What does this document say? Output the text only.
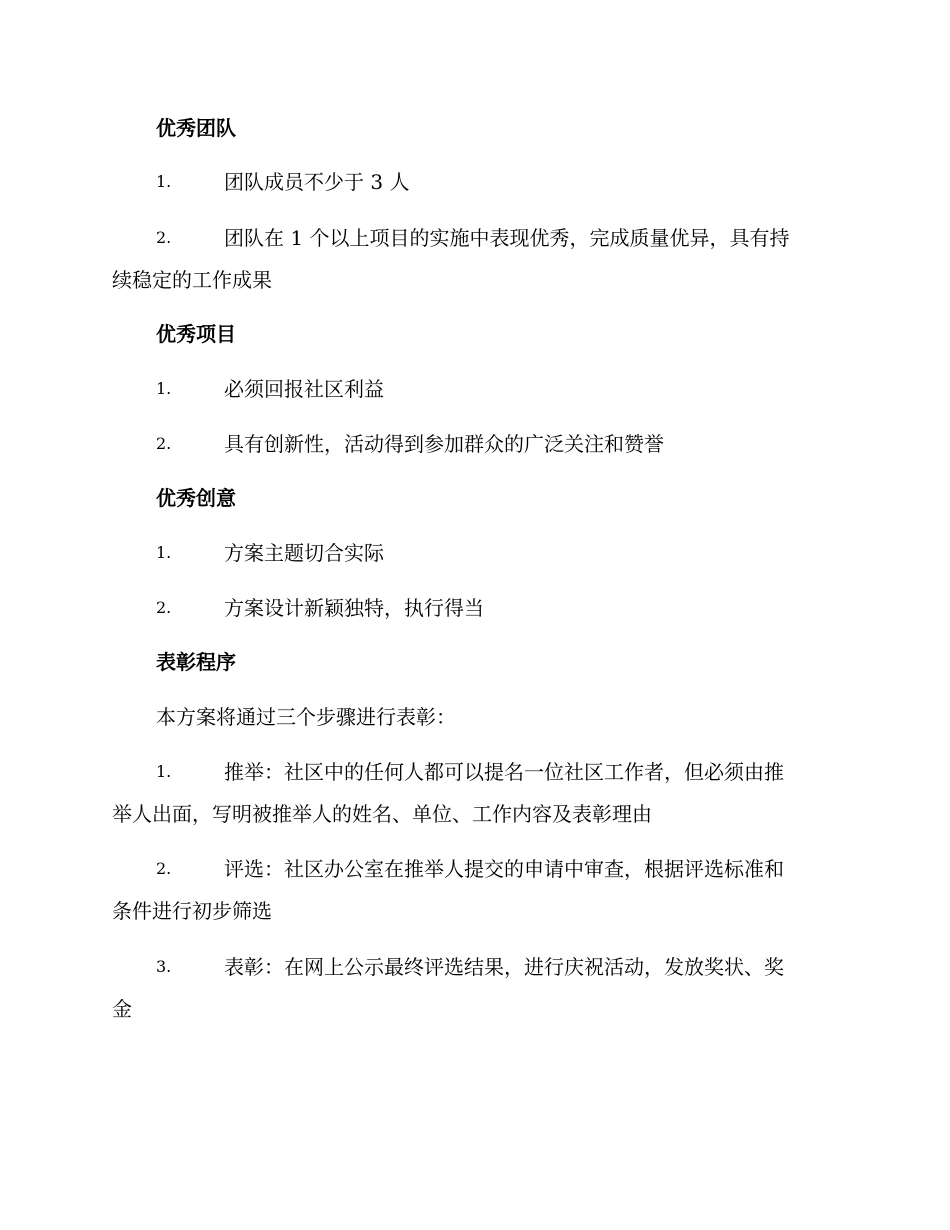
优秀团队
1.	团队成员不少于 3 人
2.	团队在 1 个以上项目的实施中表现优秀，完成质量优异，具有持
续稳定的工作成果
优秀项目
1.	必须回报社区利益
2.	具有创新性，活动得到参加群众的广泛关注和赞誉
优秀创意
1.	方案主题切合实际
2.	方案设计新颖独特，执行得当
表彰程序
本方案将通过三个步骤进行表彰：
1.	推举：社区中的任何人都可以提名一位社区工作者，但必须由推
举人出面，写明被推举人的姓名、单位、工作内容及表彰理由
2.	评选：社区办公室在推举人提交的申请中审查，根据评选标准和
条件进行初步筛选
3.	表彰：在网上公示最终评选结果，进行庆祝活动，发放奖状、奖
金
